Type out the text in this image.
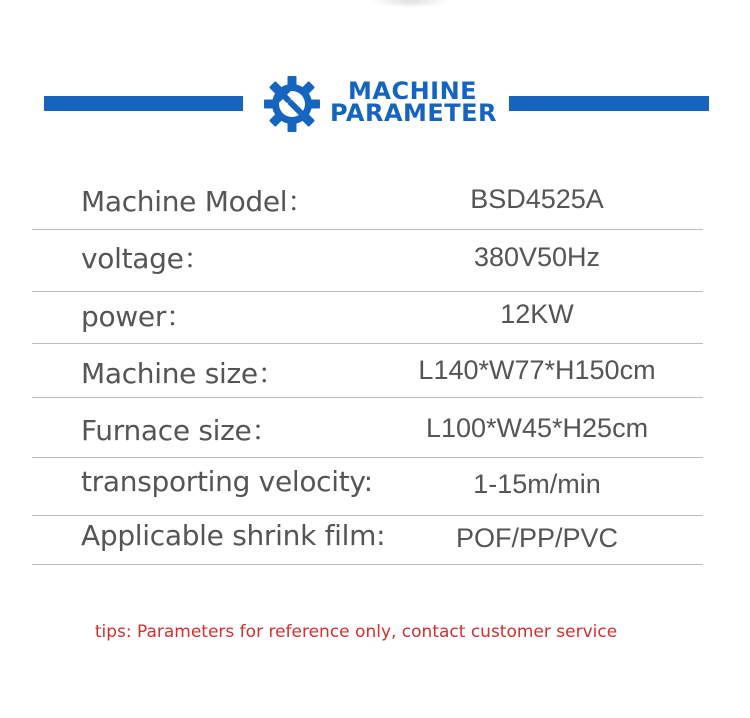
MACHINE
PARAMETER
Machine Model：	BSD4525A
voltage：	380V50Hz
power：	12KW
Machine size：	L140*W77*H150cm
Furnace size：	L100*W45*H25cm
transporting velocity:	1-15m/min
Applicable shrink film:	POF/PP/PVC
tips: Parameters for reference only, contact customer service
